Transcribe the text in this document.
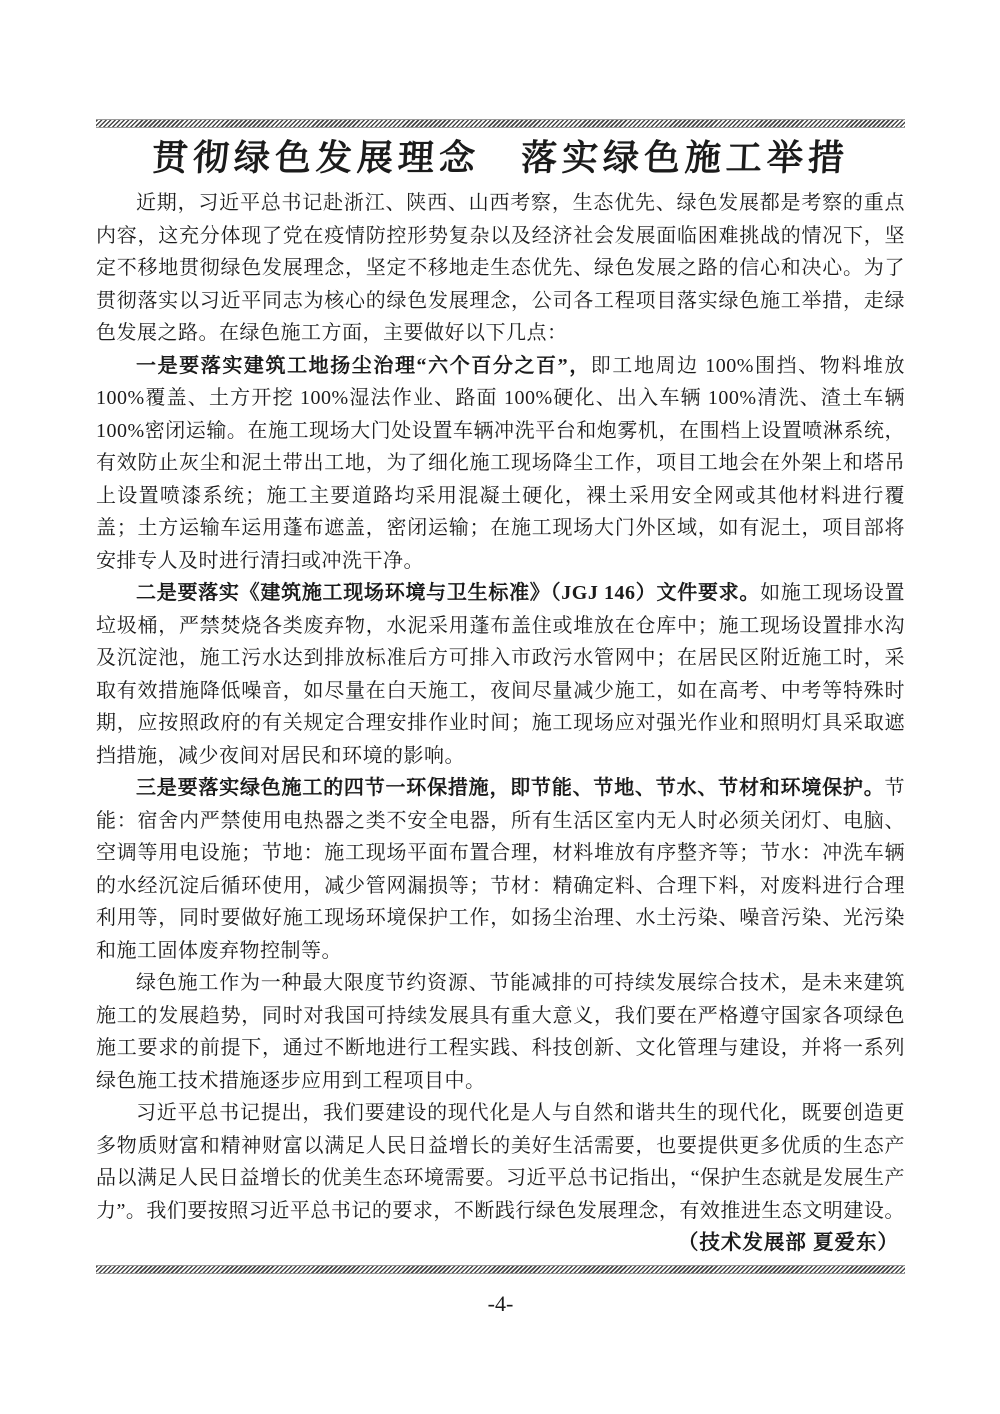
贯彻绿色发展理念　落实绿色施工举措

近期，习近平总书记赴浙江、陕西、山西考察，生态优先、绿色发展都是考察的重点内容，这充分体现了党在疫情防控形势复杂以及经济社会发展面临困难挑战的情况下，坚定不移地贯彻绿色发展理念，坚定不移地走生态优先、绿色发展之路的信心和决心。为了贯彻落实以习近平同志为核心的绿色发展理念，公司各工程项目落实绿色施工举措，走绿色发展之路。在绿色施工方面，主要做好以下几点：

一是要落实建筑工地扬尘治理“六个百分之百”，即工地周边 100%围挡、物料堆放 100%覆盖、土方开挖 100%湿法作业、路面 100%硬化、出入车辆 100%清洗、渣土车辆 100%密闭运输。在施工现场大门处设置车辆冲洗平台和炮雾机，在围档上设置喷淋系统，有效防止灰尘和泥土带出工地，为了细化施工现场降尘工作，项目工地会在外架上和塔吊上设置喷漆系统；施工主要道路均采用混凝土硬化，裸土采用安全网或其他材料进行覆盖；土方运输车运用蓬布遮盖，密闭运输；在施工现场大门外区域，如有泥土，项目部将安排专人及时进行清扫或冲洗干净。

二是要落实《建筑施工现场环境与卫生标准》（JGJ 146）文件要求。如施工现场设置垃圾桶，严禁焚烧各类废弃物，水泥采用蓬布盖住或堆放在仓库中；施工现场设置排水沟及沉淀池，施工污水达到排放标准后方可排入市政污水管网中；在居民区附近施工时，采取有效措施降低噪音，如尽量在白天施工，夜间尽量减少施工，如在高考、中考等特殊时期，应按照政府的有关规定合理安排作业时间；施工现场应对强光作业和照明灯具采取遮挡措施，减少夜间对居民和环境的影响。

三是要落实绿色施工的四节一环保措施，即节能、节地、节水、节材和环境保护。节能：宿舍内严禁使用电热器之类不安全电器，所有生活区室内无人时必须关闭灯、电脑、空调等用电设施；节地：施工现场平面布置合理，材料堆放有序整齐等；节水：冲洗车辆的水经沉淀后循环使用，减少管网漏损等；节材：精确定料、合理下料，对废料进行合理利用等，同时要做好施工现场环境保护工作，如扬尘治理、水土污染、噪音污染、光污染和施工固体废弃物控制等。

绿色施工作为一种最大限度节约资源、节能减排的可持续发展综合技术，是未来建筑施工的发展趋势，同时对我国可持续发展具有重大意义，我们要在严格遵守国家各项绿色施工要求的前提下，通过不断地进行工程实践、科技创新、文化管理与建设，并将一系列绿色施工技术措施逐步应用到工程项目中。

习近平总书记提出，我们要建设的现代化是人与自然和谐共生的现代化，既要创造更多物质财富和精神财富以满足人民日益增长的美好生活需要，也要提供更多优质的生态产品以满足人民日益增长的优美生态环境需要。习近平总书记指出，“保护生态就是发展生产力”。我们要按照习近平总书记的要求，不断践行绿色发展理念，有效推进生态文明建设。

（技术发展部 夏爱东）
-4-
